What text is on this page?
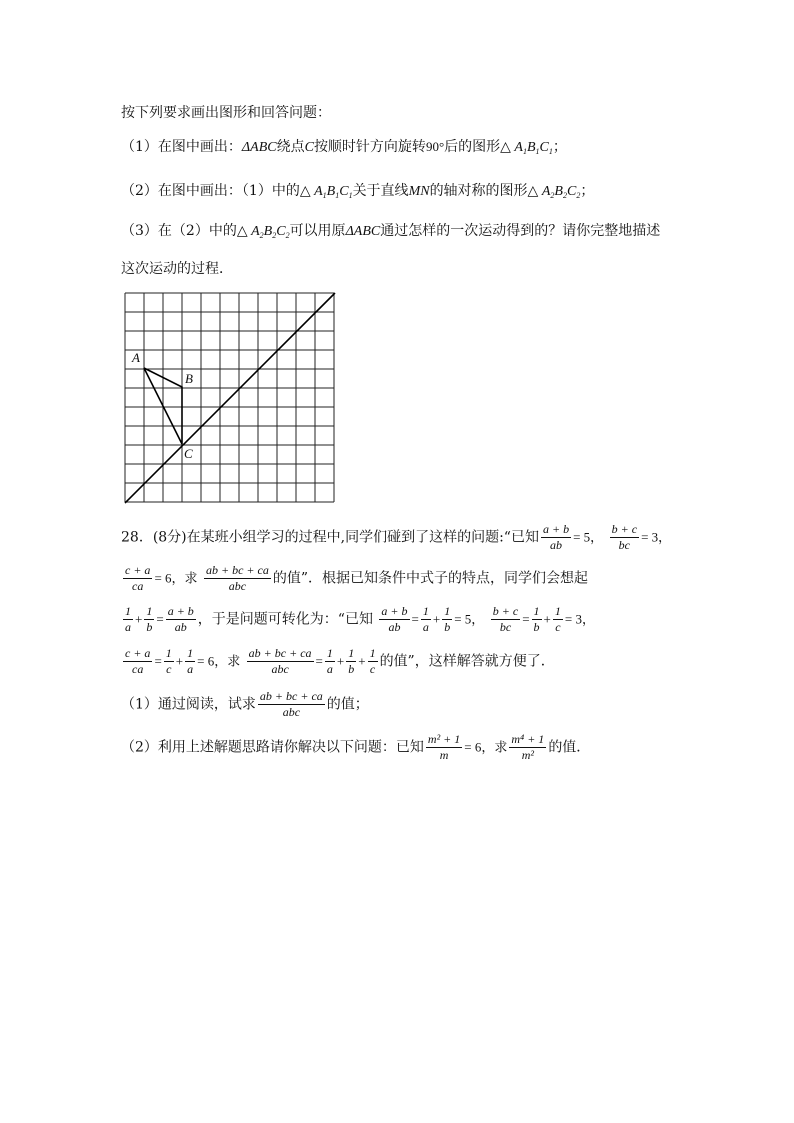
按下列要求画出图形和回答问题：
（1）在图中画出：ΔABC绕点C按顺时针方向旋转90°后的图形△ $A_1B_1C_1$；
（2）在图中画出：（1）中的△ $A_1B_1C_1$关于直线MN的轴对称的图形△ $A_2B_2C_2$；
（3）在（2）中的△ $A_2B_2C_2$可以用原ΔABC通过怎样的一次运动得到的？请你完整地描述
这次运动的过程．
A
B
C
28．(8分)在某班小组学习的过程中,同学们碰到了这样的问题:“已知 $\frac{a + b}{ab} = 5$， $\frac{b + c}{bc} = 3$，
$\frac{c + a}{ca} = 6$，求 $\frac{ab + bc + ca}{\text{abc}}$ 的值”．根据已知条件中式子的特点，同学们会想起
$\frac{1}{a} + \frac{1}{b} = \frac{a + b}{ab}$ ，于是问题可转化为：“已知 $\frac{a + b}{ab} = \frac{1}{a} + \frac{1}{b} = 5$， $\frac{b + c}{bc} = \frac{1}{b} + \frac{1}{c} = 3$，
$\frac{c + a}{ca} = \frac{1}{c} + \frac{1}{a} = 6$，求 $\frac{ab + bc + ca}{\text{abc}} = \frac{1}{a} + \frac{1}{b} + \frac{1}{c}$ 的值”，这样解答就方便了．
（1）通过阅读，试求 $\frac{ab + bc + ca}{\text{abc}}$ 的值；
（2）利用上述解题思路请你解决以下问题：已知 $\frac{\text{m² + 1}}{m} = 6$，求 $\frac{\text{m⁴ + 1}}{\text{m²}}$ 的值．
